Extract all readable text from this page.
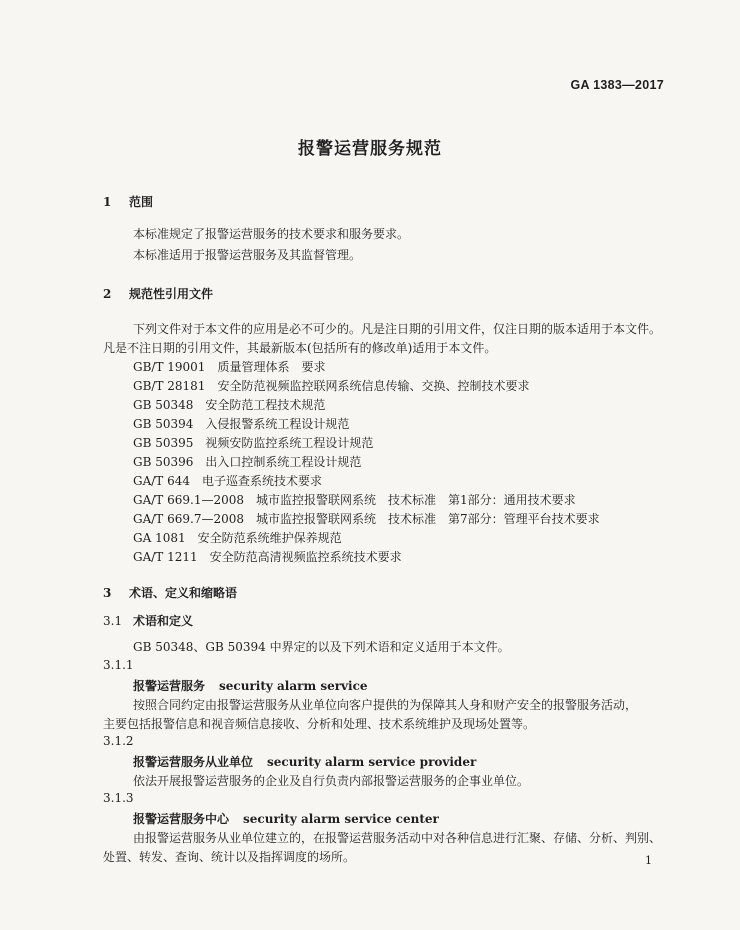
GA 1383—2017
报警运营服务规范
1 范围
本标准规定了报警运营服务的技术要求和服务要求。
本标准适用于报警运营服务及其监督管理。
2 规范性引用文件
下列文件对于本文件的应用是必不可少的。凡是注日期的引用文件，仅注日期的版本适用于本文件。
凡是不注日期的引用文件，其最新版本(包括所有的修改单)适用于本文件。
GB/T 19001 质量管理体系　要求
GB/T 28181 安全防范视频监控联网系统信息传输、交换、控制技术要求
GB 50348 安全防范工程技术规范
GB 50394 入侵报警系统工程设计规范
GB 50395 视频安防监控系统工程设计规范
GB 50396 出入口控制系统工程设计规范
GA/T 644 电子巡查系统技术要求
GA/T 669.1—2008 城市监控报警联网系统　技术标准　第1部分：通用技术要求
GA/T 669.7—2008 城市监控报警联网系统　技术标准　第7部分：管理平台技术要求
GA 1081 安全防范系统维护保养规范
GA/T 1211 安全防范高清视频监控系统技术要求
3 术语、定义和缩略语
3.1 术语和定义
GB 50348、GB 50394 中界定的以及下列术语和定义适用于本文件。
3.1.1
报警运营服务 security alarm service
按照合同约定由报警运营服务从业单位向客户提供的为保障其人身和财产安全的报警服务活动，
主要包括报警信息和视音频信息接收、分析和处理、技术系统维护及现场处置等。
3.1.2
报警运营服务从业单位 security alarm service provider
依法开展报警运营服务的企业及自行负责内部报警运营服务的企事业单位。
3.1.3
报警运营服务中心 security alarm service center
由报警运营服务从业单位建立的，在报警运营服务活动中对各种信息进行汇聚、存储、分析、判别、
处置、转发、查询、统计以及指挥调度的场所。	1
